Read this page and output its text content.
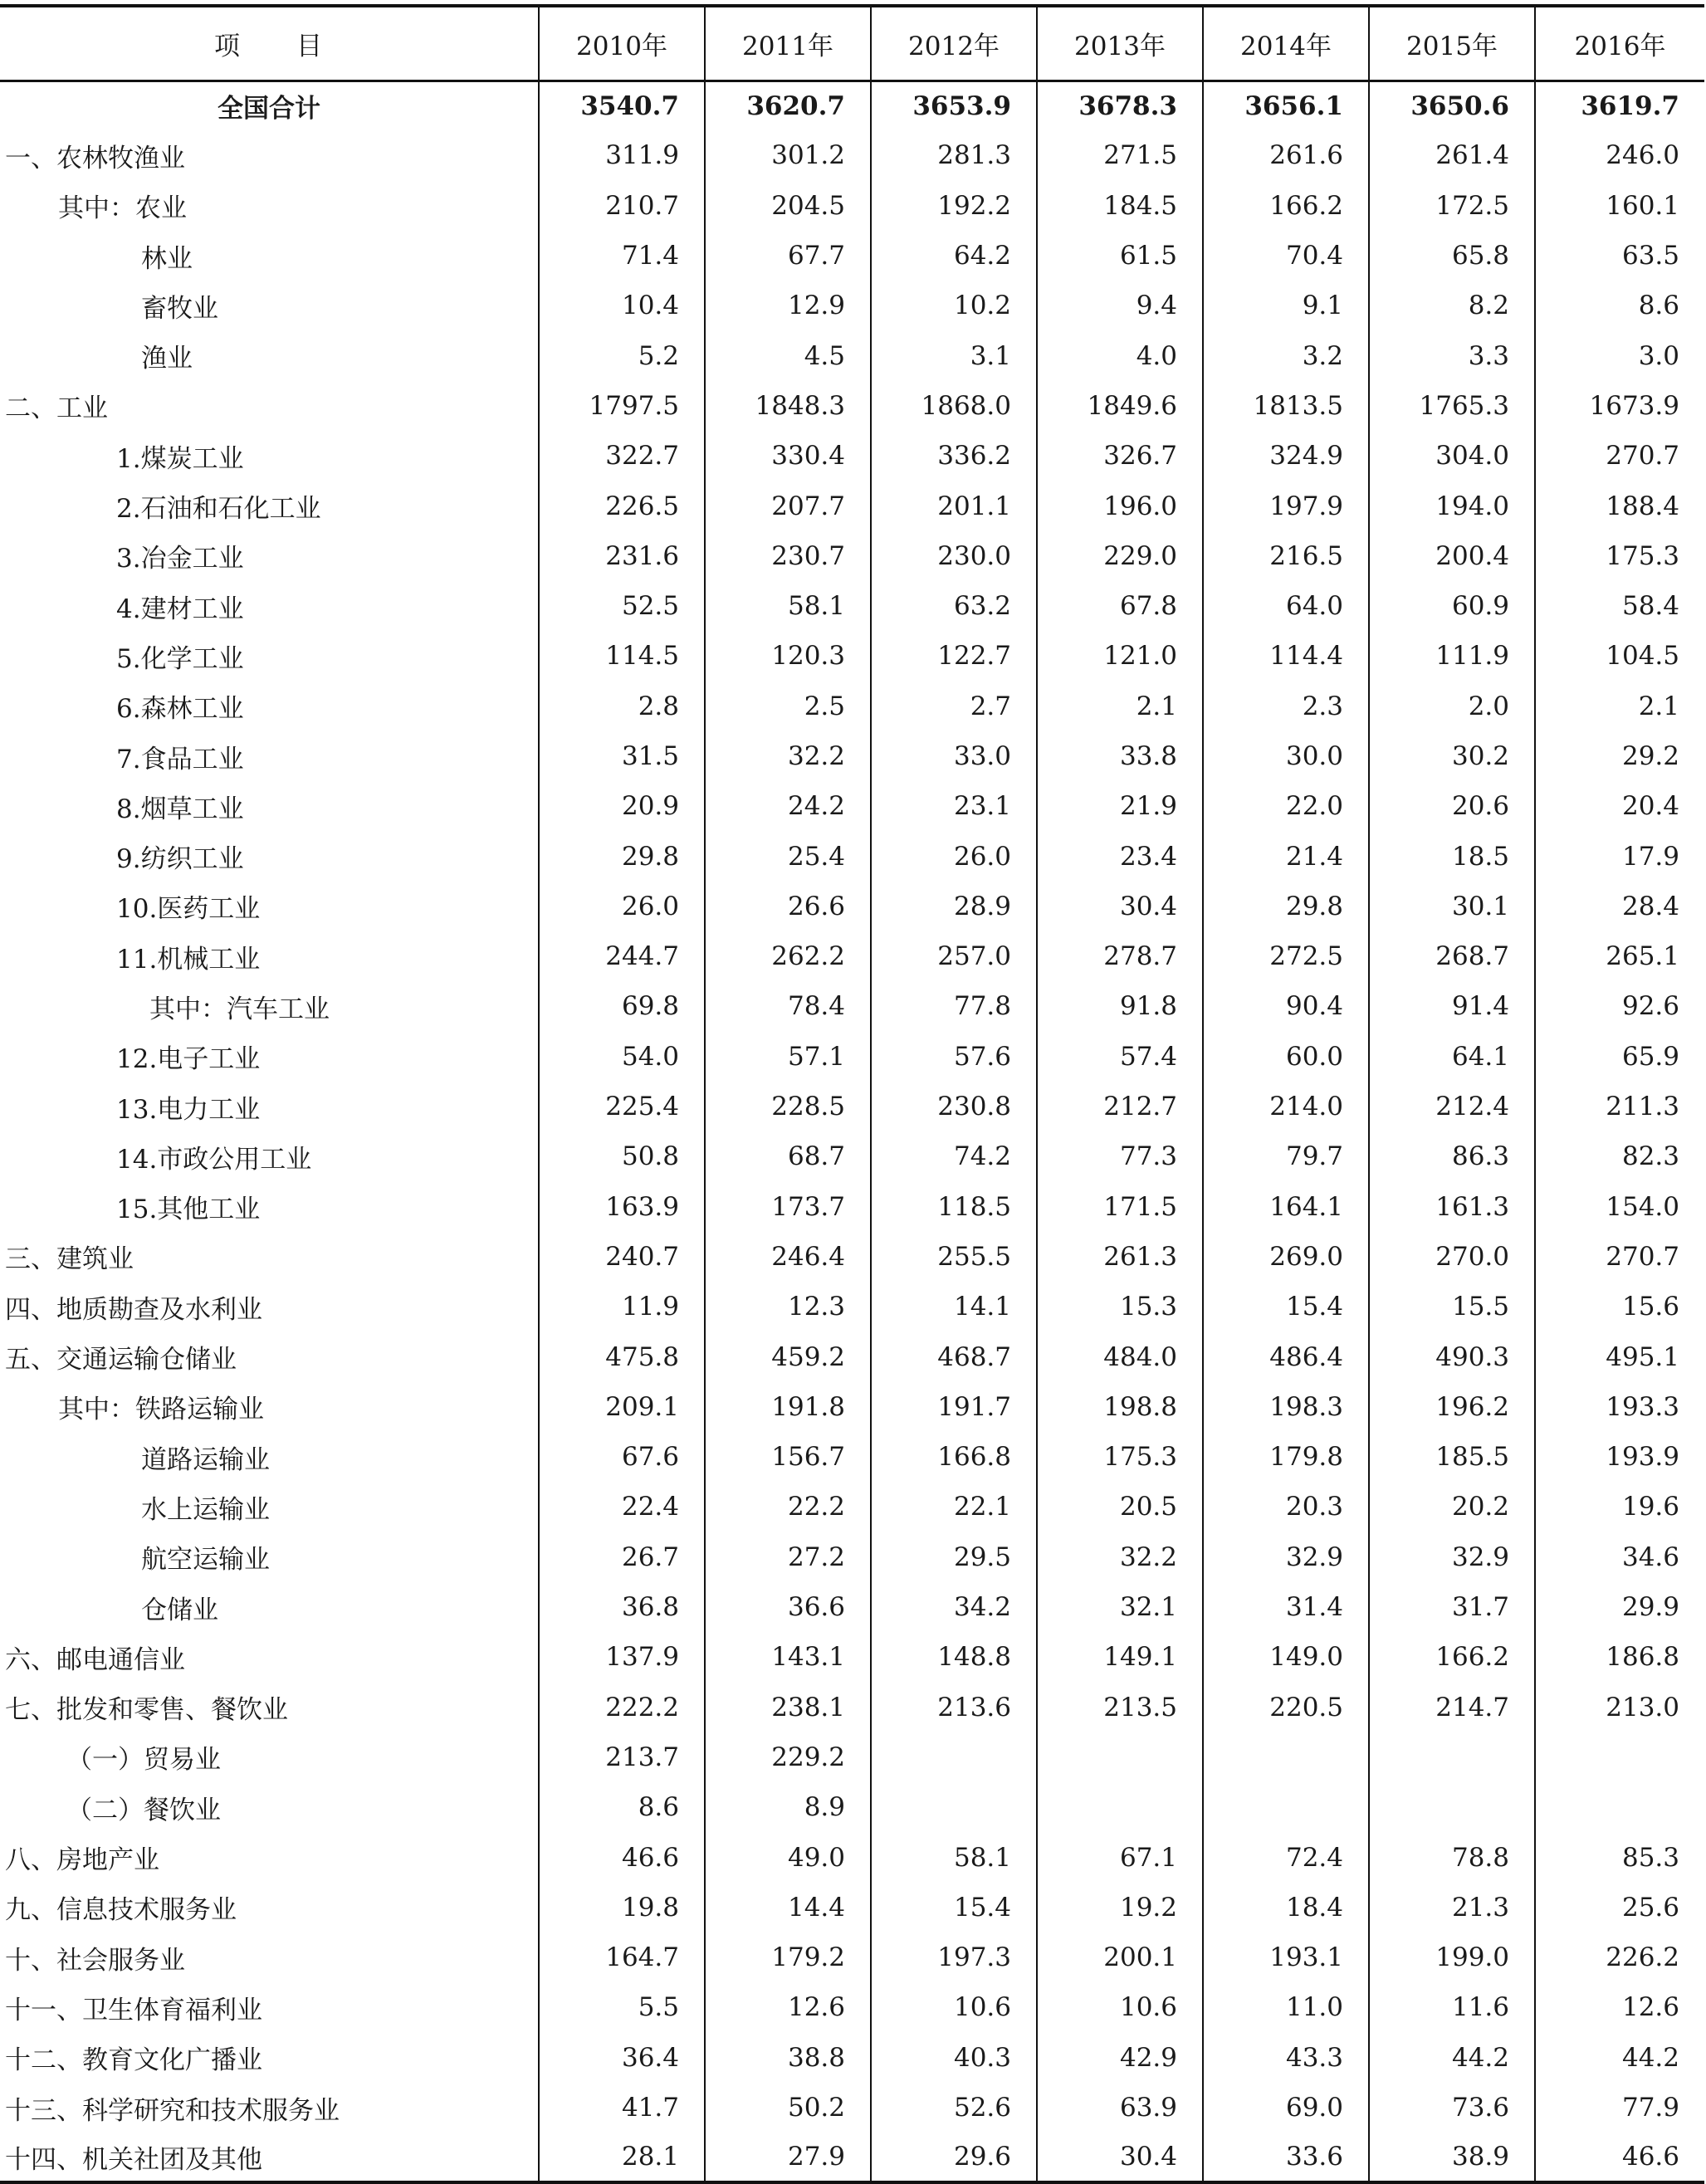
项　　目	2010年	2011年	2012年	2013年	2014年	2015年	2016年
全国合计	3540.7	3620.7	3653.9	3678.3	3656.1	3650.6	3619.7
一、农林牧渔业	311.9	301.2	281.3	271.5	261.6	261.4	246.0
其中：农业	210.7	204.5	192.2	184.5	166.2	172.5	160.1
林业	71.4	67.7	64.2	61.5	70.4	65.8	63.5
畜牧业	10.4	12.9	10.2	9.4	9.1	8.2	8.6
渔业	5.2	4.5	3.1	4.0	3.2	3.3	3.0
二、工业	1797.5	1848.3	1868.0	1849.6	1813.5	1765.3	1673.9
1.煤炭工业	322.7	330.4	336.2	326.7	324.9	304.0	270.7
2.石油和石化工业	226.5	207.7	201.1	196.0	197.9	194.0	188.4
3.冶金工业	231.6	230.7	230.0	229.0	216.5	200.4	175.3
4.建材工业	52.5	58.1	63.2	67.8	64.0	60.9	58.4
5.化学工业	114.5	120.3	122.7	121.0	114.4	111.9	104.5
6.森林工业	2.8	2.5	2.7	2.1	2.3	2.0	2.1
7.食品工业	31.5	32.2	33.0	33.8	30.0	30.2	29.2
8.烟草工业	20.9	24.2	23.1	21.9	22.0	20.6	20.4
9.纺织工业	29.8	25.4	26.0	23.4	21.4	18.5	17.9
10.医药工业	26.0	26.6	28.9	30.4	29.8	30.1	28.4
11.机械工业	244.7	262.2	257.0	278.7	272.5	268.7	265.1
其中：汽车工业	69.8	78.4	77.8	91.8	90.4	91.4	92.6
12.电子工业	54.0	57.1	57.6	57.4	60.0	64.1	65.9
13.电力工业	225.4	228.5	230.8	212.7	214.0	212.4	211.3
14.市政公用工业	50.8	68.7	74.2	77.3	79.7	86.3	82.3
15.其他工业	163.9	173.7	118.5	171.5	164.1	161.3	154.0
三、建筑业	240.7	246.4	255.5	261.3	269.0	270.0	270.7
四、地质勘查及水利业	11.9	12.3	14.1	15.3	15.4	15.5	15.6
五、交通运输仓储业	475.8	459.2	468.7	484.0	486.4	490.3	495.1
其中：铁路运输业	209.1	191.8	191.7	198.8	198.3	196.2	193.3
道路运输业	67.6	156.7	166.8	175.3	179.8	185.5	193.9
水上运输业	22.4	22.2	22.1	20.5	20.3	20.2	19.6
航空运输业	26.7	27.2	29.5	32.2	32.9	32.9	34.6
仓储业	36.8	36.6	34.2	32.1	31.4	31.7	29.9
六、邮电通信业	137.9	143.1	148.8	149.1	149.0	166.2	186.8
七、批发和零售、餐饮业	222.2	238.1	213.6	213.5	220.5	214.7	213.0
（一）贸易业	213.7	229.2					
（二）餐饮业	8.6	8.9					
八、房地产业	46.6	49.0	58.1	67.1	72.4	78.8	85.3
九、信息技术服务业	19.8	14.4	15.4	19.2	18.4	21.3	25.6
十、社会服务业	164.7	179.2	197.3	200.1	193.1	199.0	226.2
十一、卫生体育福利业	5.5	12.6	10.6	10.6	11.0	11.6	12.6
十二、教育文化广播业	36.4	38.8	40.3	42.9	43.3	44.2	44.2
十三、科学研究和技术服务业	41.7	50.2	52.6	63.9	69.0	73.6	77.9
十四、机关社团及其他	28.1	27.9	29.6	30.4	33.6	38.9	46.6
